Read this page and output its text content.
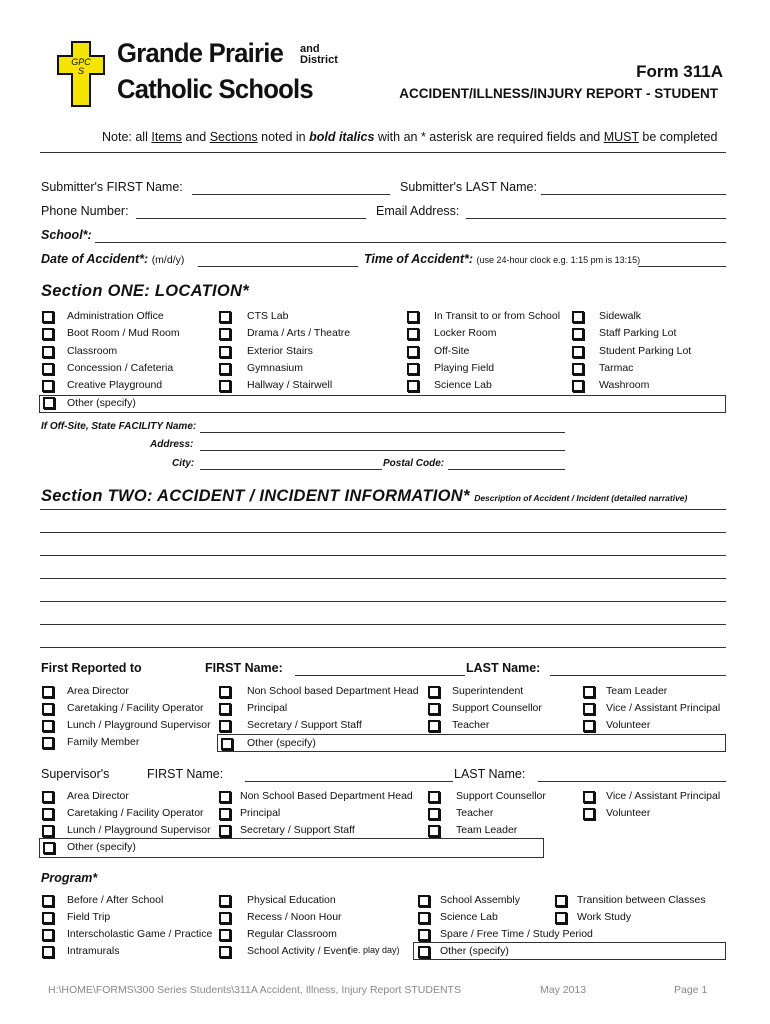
GPCS
Grande Prairie and District
Catholic Schools
Form 311A
ACCIDENT/ILLNESS/INJURY REPORT - STUDENT
Note: all Items and Sections noted in bold italics with an * asterisk are required fields and MUST be completed
Submitter's FIRST Name:	Submitter's LAST Name:
Phone Number:	Email Address:
School*:
Date of Accident*: (m/d/y)	Time of Accident*: (use 24-hour clock e.g. 1:15 pm is 13:15)
Section ONE: LOCATION*
Administration Office
Boot Room / Mud Room
Classroom
Concession / Cafeteria
Creative Playground
CTS Lab
Drama / Arts / Theatre
Exterior Stairs
Gymnasium
Hallway / Stairwell
In Transit to or from School
Locker Room
Off-Site
Playing Field
Science Lab
Sidewalk
Staff Parking Lot
Student Parking Lot
Tarmac
Washroom
Other (specify)
If Off-Site, State FACILITY Name:
Address:
City:	Postal Code:
Section TWO: ACCIDENT / INCIDENT INFORMATION* Description of Accident / Incident (detailed narrative)
First Reported to	FIRST Name:	LAST Name:
Area Director
Caretaking / Facility Operator
Lunch / Playground Supervisor
Family Member
Non School based Department Head
Principal
Secretary / Support Staff
Superintendent
Support Counsellor
Teacher
Team Leader
Vice / Assistant Principal
Volunteer
Other (specify)
Supervisor's	FIRST Name:	LAST Name:
Area Director
Caretaking / Facility Operator
Lunch / Playground Supervisor
Non School Based Department Head
Principal
Secretary / Support Staff
Support Counsellor
Teacher
Team Leader
Vice / Assistant Principal
Volunteer
Other (specify)
Program*
Before / After School
Field Trip
Interscholastic Game / Practice
Intramurals
Physical Education
Recess / Noon Hour
Regular Classroom
School Activity / Event
School Assembly
Science Lab
Spare / Free Time / Study Period
Transition between Classes
Work Study
Other (specify)
(ie. play day)
H:\HOME\FORMS\300 Series Students\311A Accident, Illness, Injury Report STUDENTS	May 2013	Page 1
